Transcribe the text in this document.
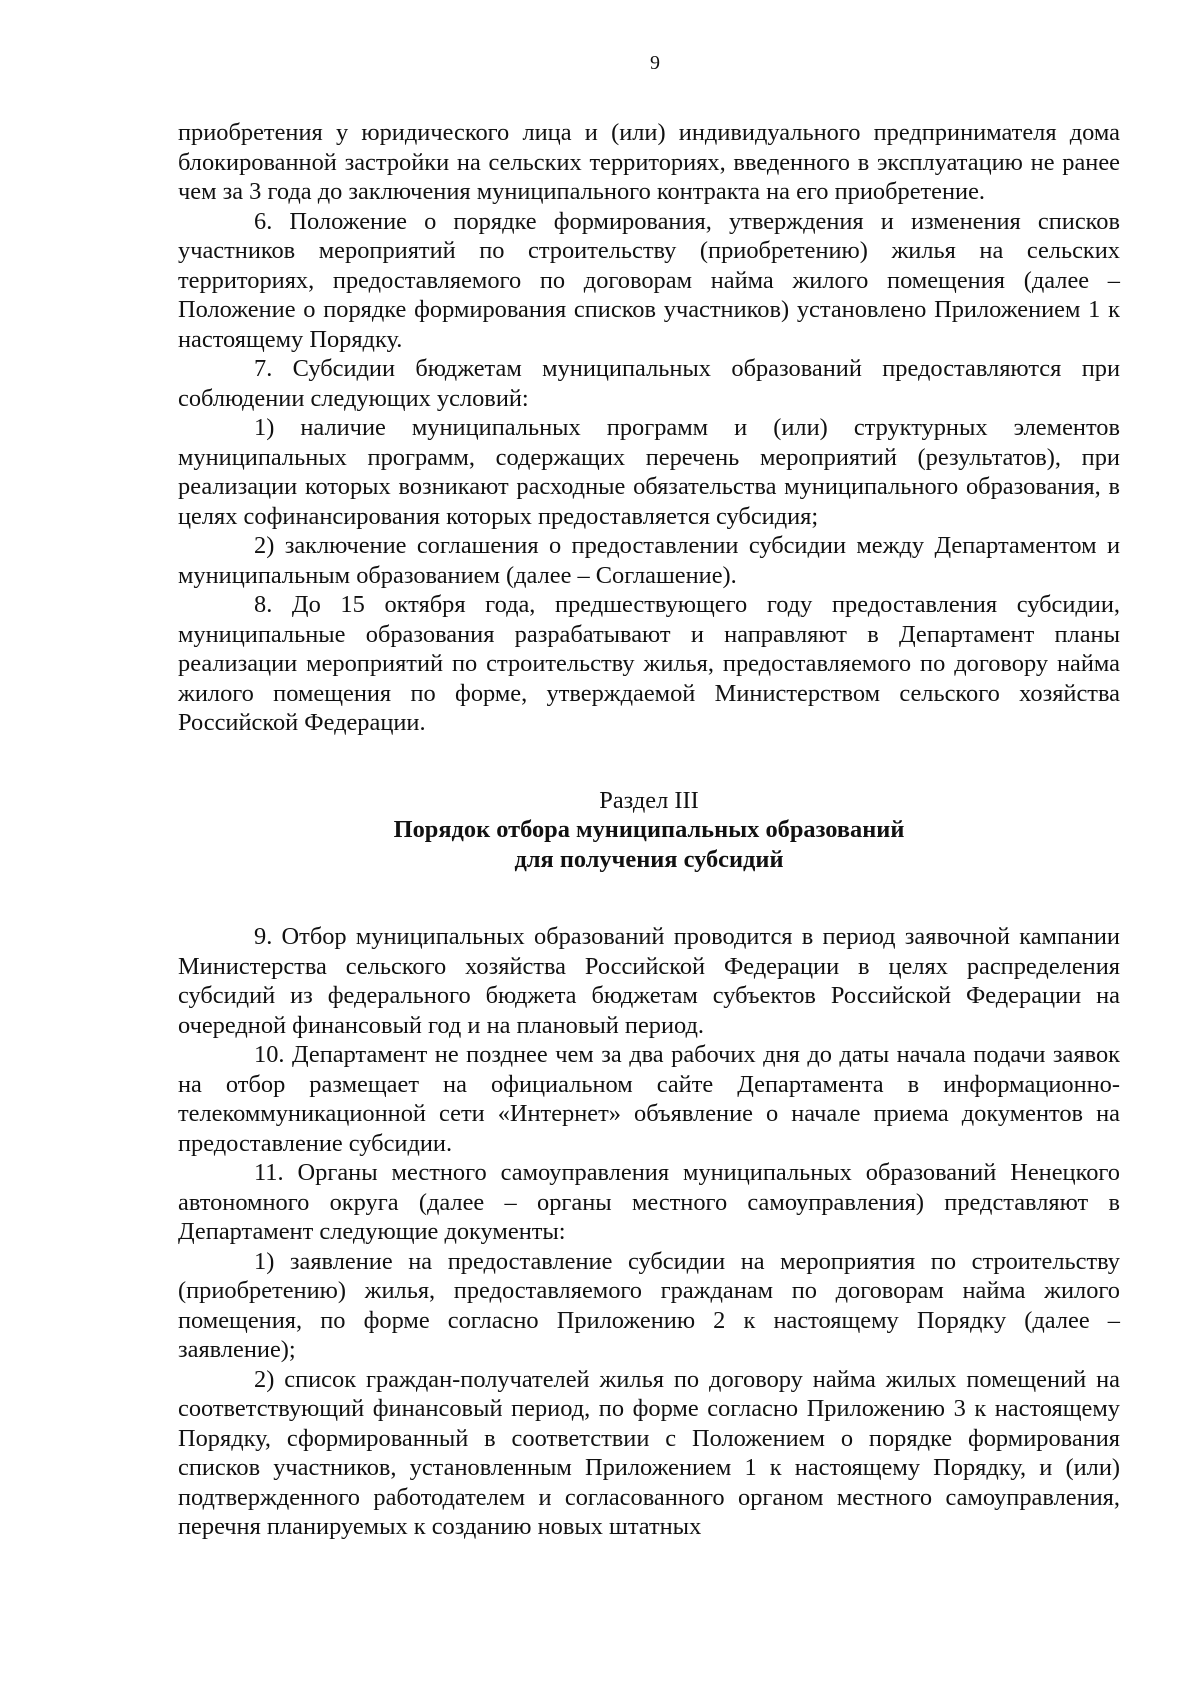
9

приобретения у юридического лица и (или) индивидуального предпринимателя дома блокированной застройки на сельских территориях, введенного в эксплуатацию не ранее чем за 3 года до заключения муниципального контракта на его приобретение.

6. Положение о порядке формирования, утверждения и изменения списков участников мероприятий по строительству (приобретению) жилья на сельских территориях, предоставляемого по договорам найма жилого помещения (далее – Положение о порядке формирования списков участников) установлено Приложением 1 к настоящему Порядку.

7. Субсидии бюджетам муниципальных образований предоставляются при соблюдении следующих условий:

1) наличие муниципальных программ и (или) структурных элементов муниципальных программ, содержащих перечень мероприятий (результатов), при реализации которых возникают расходные обязательства муниципального образования, в целях софинансирования которых предоставляется субсидия;

2) заключение соглашения о предоставлении субсидии между Департаментом и муниципальным образованием (далее – Соглашение).

8. До 15 октября года, предшествующего году предоставления субсидии, муниципальные образования разрабатывают и направляют в Департамент планы реализации мероприятий по строительству жилья, предоставляемого по договору найма жилого помещения по форме, утверждаемой Министерством сельского хозяйства Российской Федерации.

Раздел III
Порядок отбора муниципальных образований
для получения субсидий

9. Отбор муниципальных образований проводится в период заявочной кампании Министерства сельского хозяйства Российской Федерации в целях распределения субсидий из федерального бюджета бюджетам субъектов Российской Федерации на очередной финансовый год и на плановый период.

10. Департамент не позднее чем за два рабочих дня до даты начала подачи заявок на отбор размещает на официальном сайте Департамента в информационно-телекоммуникационной сети «Интернет» объявление о начале приема документов на предоставление субсидии.

11. Органы местного самоуправления муниципальных образований Ненецкого автономного округа (далее – органы местного самоуправления) представляют в Департамент следующие документы:

1) заявление на предоставление субсидии на мероприятия по строительству (приобретению) жилья, предоставляемого гражданам по договорам найма жилого помещения, по форме согласно Приложению 2 к настоящему Порядку (далее – заявление);

2) список граждан-получателей жилья по договору найма жилых помещений на соответствующий финансовый период, по форме согласно Приложению 3 к настоящему Порядку, сформированный в соответствии с Положением о порядке формирования списков участников, установленным Приложением 1 к настоящему Порядку, и (или) подтвержденного работодателем и согласованного органом местного самоуправления, перечня планируемых к созданию новых штатных
